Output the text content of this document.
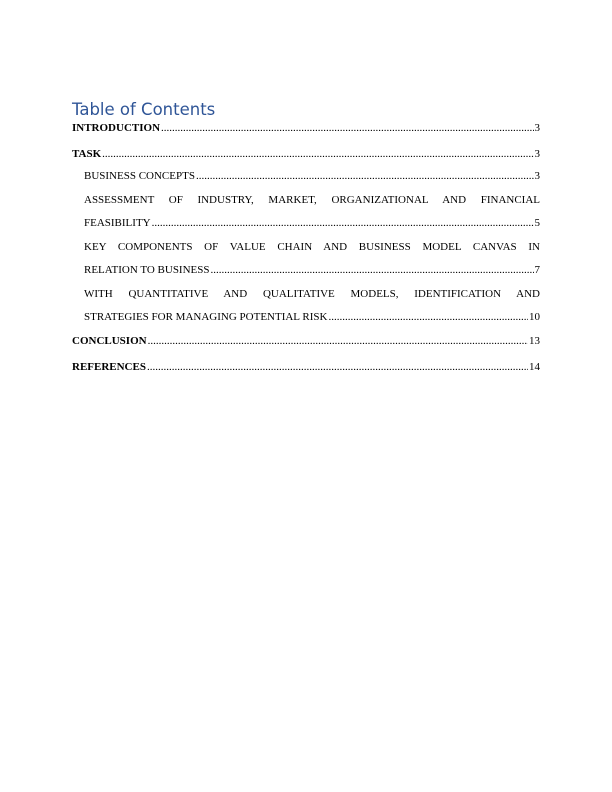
Table of Contents
INTRODUCTION .....	3
TASK .....	3
BUSINESS CONCEPTS .....	3
ASSESSMENT OF INDUSTRY, MARKET, ORGANIZATIONAL AND FINANCIAL
FEASIBILITY .....	5
KEY COMPONENTS OF VALUE CHAIN AND BUSINESS MODEL CANVAS IN
RELATION TO BUSINESS .....	7
WITH QUANTITATIVE AND QUALITATIVE MODELS, IDENTIFICATION AND
STRATEGIES FOR MANAGING POTENTIAL RISK .....	10
CONCLUSION .....	13
REFERENCES .....	14
